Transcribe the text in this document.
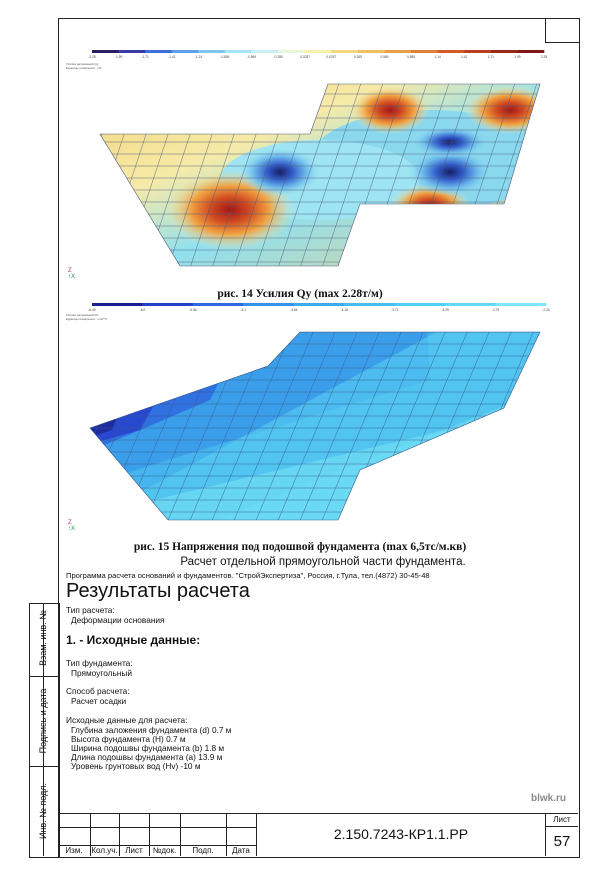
Взам. инв. №
Подпись и дата
Инв. № подл.
-2.28	-1.99	-1.71	-1.42	-1.14	-0.855	-0.569	-0.285	-0.0257	0.0257	0.285	0.569	0.855	1.14	1.42	1.71	1.99	2.28
Усилия напряжений Qy
Единицы измерения - т/м
Z
↑X
рис. 14 Усилия Qy (max 2.28т/м)
-6.49	-6.0	-5.56	-5.1	-4.64	-4.18	-3.71	-3.25	-2.79	-2.33
Усилия напряжений Rz
Единицы измерения - тс/м**2
Z
↑X
рис. 15 Напряжения под подошвой фундамента (max 6,5тс/м.кв)
Расчет отдельной прямоугольной части фундамента.
Программа расчета оснований и фундаментов. "СтройЭкспертиза", Россия, г.Тула, тел.(4872) 30-45-48
Результаты расчета
Тип расчета:
Деформации основания
1. - Исходные данные:
Тип фундамента:
Прямоугольный
Способ расчета:
Расчет осадки
Исходные данные для расчета:
Глубина заложения фундамента (d) 0.7 м
Высота фундамента (H) 0.7 м
Ширина подошвы фундамента (b) 1.8 м
Длина подошвы фундамента (a) 13.9 м
Уровень грунтовых вод (Hv) -10 м
blwk.ru
Изм.	Кол.уч. Лист	№док.	Подп.	Дата
2.150.7243-КР1.1.РР
Лист
57
